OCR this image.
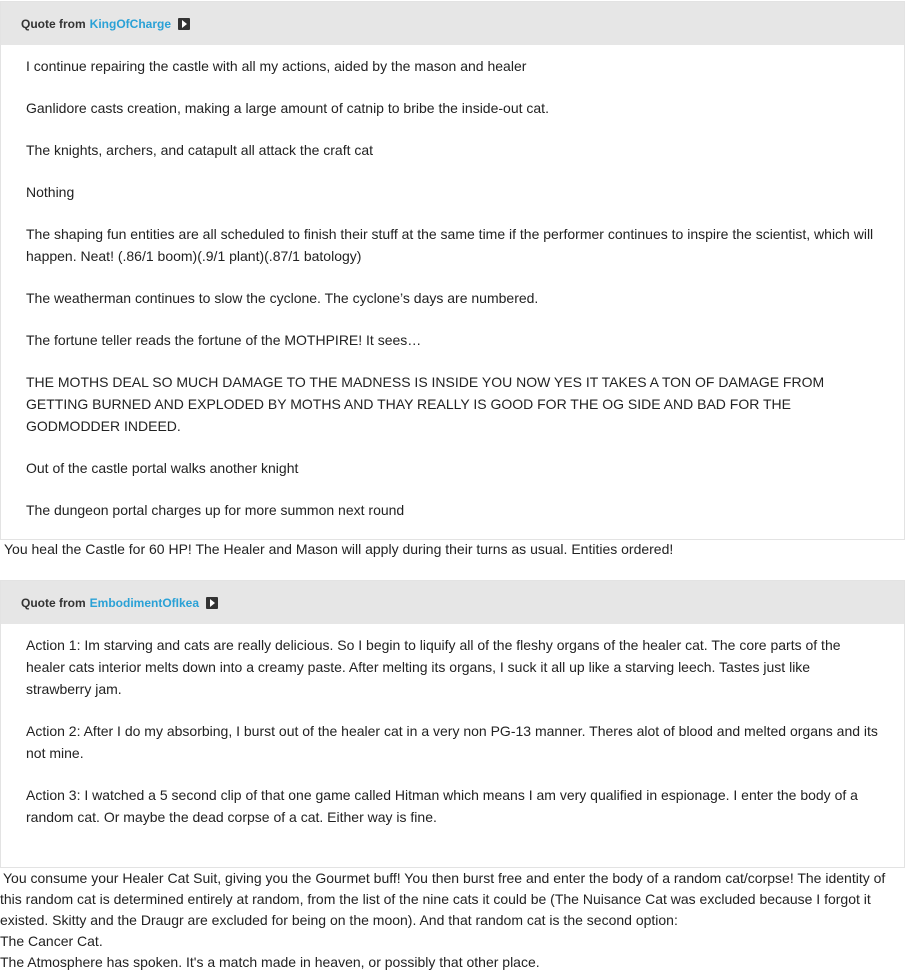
Quote from KingOfCharge

I continue repairing the castle with all my actions, aided by the mason and healer

Ganlidore casts creation, making a large amount of catnip to bribe the inside-out cat.

The knights, archers, and catapult all attack the craft cat

Nothing also attacks the craft cat

The shaping fun entities are all scheduled to finish their stuff at the same time if the performer continues to inspire the scientist, which will happen. Neat! (.86/1 boom)(.9/1 plant)(.87/1 batology)

The weatherman continues to slow the cyclone. The cyclone’s days are numbered.

The fortune teller reads the fortune of the MOTHPIRE! It sees…

THE MOTHS DEAL SO MUCH DAMAGE TO THE MADNESS IS INSIDE YOU NOW YES IT TAKES A TON OF DAMAGE FROM GETTING BURNED AND EXPLODED BY MOTHS AND THAY REALLY IS GOOD FOR THE OG SIDE AND BAD FOR THE GODMODDER INDEED.

Out of the castle portal walks another knight

The dungeon portal charges up for more summon next round

You heal the Castle for 60 HP! The Healer and Mason will apply during their turns as usual. Entities ordered!

Quote from EmbodimentOfIkea

Action 1: Im starving and cats are really delicious. So I begin to liquify all of the fleshy organs of the healer cat. The core parts of the healer cats interior melts down into a creamy paste. After melting its organs, I suck it all up like a starving leech. Tastes just like strawberry jam.

Action 2: After I do my absorbing, I burst out of the healer cat in a very non PG-13 manner. Theres alot of blood and melted organs and its not mine.

Action 3: I watched a 5 second clip of that one game called Hitman which means I am very qualified in espionage. I enter the body of a random cat. Or maybe the dead corpse of a cat. Either way is fine.

You consume your Healer Cat Suit, giving you the Gourmet buff! You then burst free and enter the body of a random cat/corpse! The identity of this random cat is determined entirely at random, from the list of the nine cats it could be (The Nuisance Cat was excluded because I forgot it existed. Skitty and the Draugr are excluded for being on the moon). And that random cat is the second option:

The Cancer Cat.

The Atmosphere has spoken. It's a match made in heaven, or possibly that other place.
